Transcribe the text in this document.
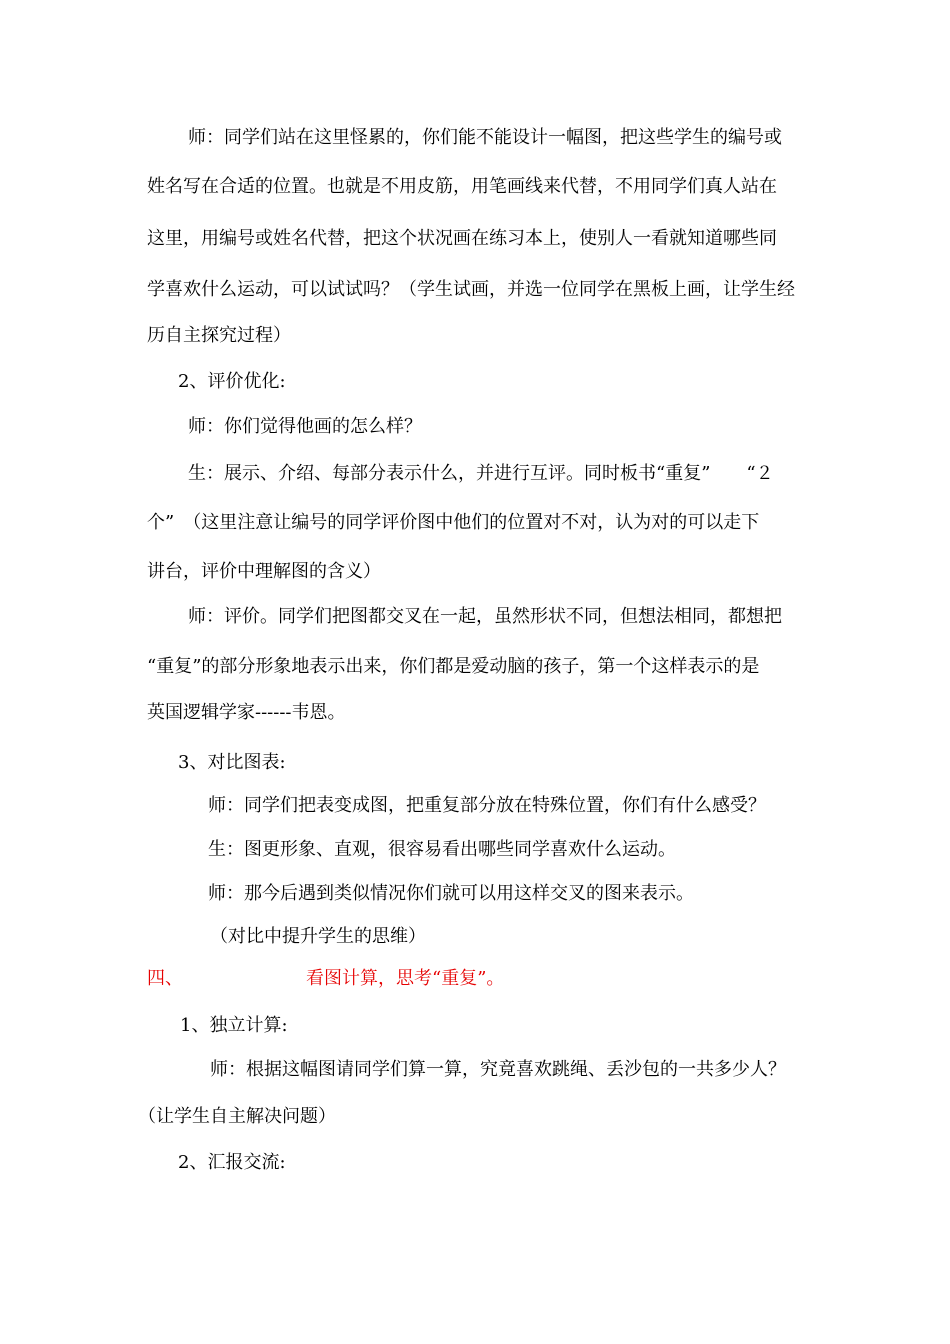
师：同学们站在这里怪累的，你们能不能设计一幅图，把这些学生的编号或

姓名写在合适的位置。也就是不用皮筋，用笔画线来代替，不用同学们真人站在

这里，用编号或姓名代替，把这个状况画在练习本上，使别人一看就知道哪些同

学喜欢什么运动，可以试试吗？（学生试画，并选一位同学在黑板上画，让学生经

历自主探究过程）

2、评价优化:

师：你们觉得他画的怎么样？

生：展示、介绍、每部分表示什么，并进行互评。同时板书“重复”　　“２

个”　（这里注意让编号的同学评价图中他们的位置对不对，认为对的可以走下

讲台，评价中理解图的含义）

师：评价。同学们把图都交叉在一起，虽然形状不同，但想法相同，都想把

“重复”的部分形象地表示出来，你们都是爱动脑的孩子，第一个这样表示的是

英国逻辑学家------韦恩。

3、对比图表:

师：同学们把表变成图，把重复部分放在特殊位置，你们有什么感受？

生：图更形象、直观，很容易看出哪些同学喜欢什么运动。

师：那今后遇到类似情况你们就可以用这样交叉的图来表示。

（对比中提升学生的思维）

四、	看图计算，思考“重复”。

1、独立计算:

师：根据这幅图请同学们算一算，究竟喜欢跳绳、丢沙包的一共多少人？

（让学生自主解决问题）

2、汇报交流:
